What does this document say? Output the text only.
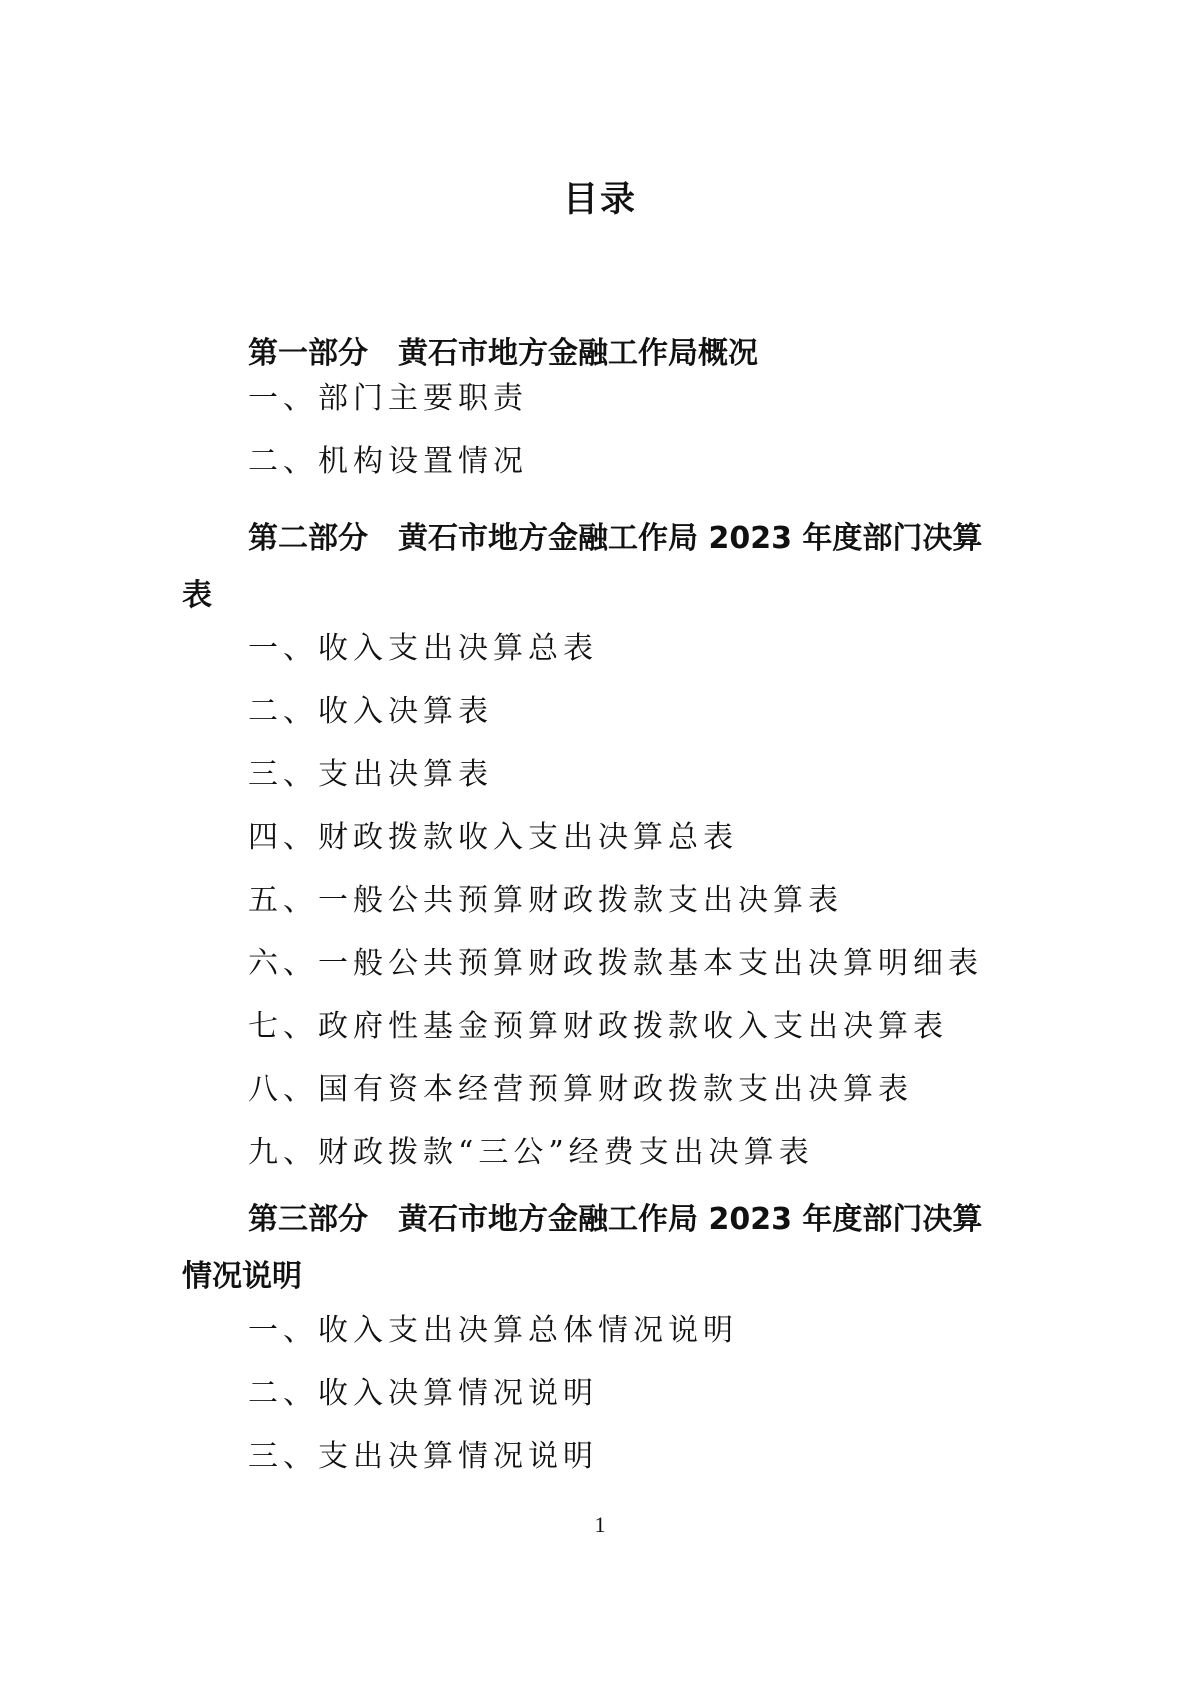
目录

第一部分　黄石市地方金融工作局概况

一、部门主要职责

二、机构设置情况

第二部分　黄石市地方金融工作局 2023 年度部门决算

表

一、收入支出决算总表

二、收入决算表

三、支出决算表

四、财政拨款收入支出决算总表

五、一般公共预算财政拨款支出决算表

六、一般公共预算财政拨款基本支出决算明细表

七、政府性基金预算财政拨款收入支出决算表

八、国有资本经营预算财政拨款支出决算表

九、财政拨款“三公”经费支出决算表

第三部分　黄石市地方金融工作局 2023 年度部门决算

情况说明

一、收入支出决算总体情况说明

二、收入决算情况说明

三、支出决算情况说明

1
